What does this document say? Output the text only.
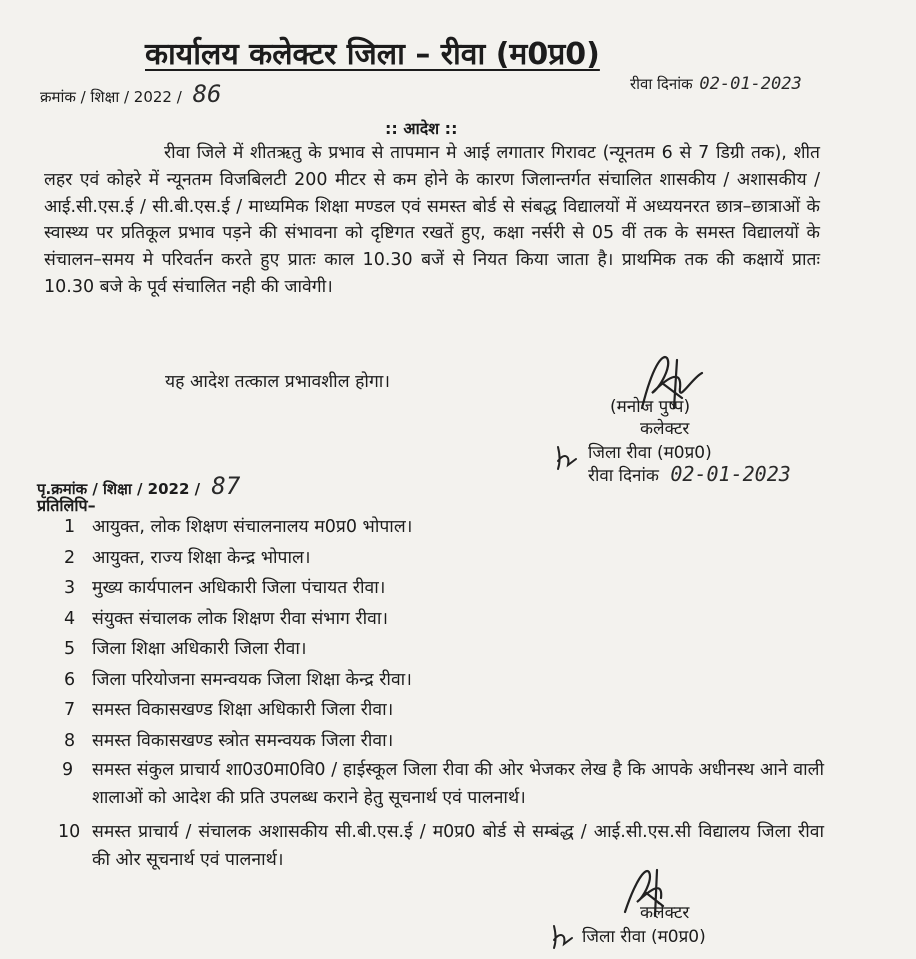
कार्यालय कलेक्टर जिला – रीवा (म0प्र0)
क्रमांक / शिक्षा / 2022 / 86	रीवा दिनांक 02-01-2023
:: आदेश ::

रीवा जिले में शीतऋतु के प्रभाव से तापमान मे आई लगातार गिरावट (न्यूनतम 6 से 7 डिग्री तक), शीत लहर एवं कोहरे में न्यूनतम विजबिलटी 200 मीटर से कम होने के कारण जिलान्तर्गत संचालित शासकीय / अशासकीय / आई.सी.एस.ई / सी.बी.एस.ई / माध्यमिक शिक्षा मण्डल एवं समस्त बोर्ड से संबद्ध विद्यालयों में अध्ययनरत छात्र–छात्राओं के स्वास्थ्य पर प्रतिकूल प्रभाव पड़ने की संभावना को दृष्टिगत रखतें हुए, कक्षा नर्सरी से 05 वीं तक के समस्त विद्यालयों के संचालन–समय मे परिवर्तन करते हुए प्रातः काल 10.30 बजें से नियत किया जाता है। प्राथमिक तक की कक्षायें प्रातः 10.30 बजे के पूर्व संचालित नही की जावेगी।

यह आदेश तत्काल प्रभावशील होगा।
(मनोज पुष्प)
कलेक्टर
जिला रीवा (म0प्र0)
रीवा दिनांक 02-01-2023
पृ.क्रमांक / शिक्षा / 2022 / 87
प्रतिलिपि–
1 आयुक्त, लोक शिक्षण संचालनालय म0प्र0 भोपाल।
2 आयुक्त, राज्य शिक्षा केन्द्र भोपाल।
3 मुख्य कार्यपालन अधिकारी जिला पंचायत रीवा।
4 संयुक्त संचालक लोक शिक्षण रीवा संभाग रीवा।
5 जिला शिक्षा अधिकारी जिला रीवा।
6 जिला परियोजना समन्वयक जिला शिक्षा केन्द्र रीवा।
7 समस्त विकासखण्ड शिक्षा अधिकारी जिला रीवा।
8 समस्त विकासखण्ड स्त्रोत समन्वयक जिला रीवा।
9 समस्त संकुल प्राचार्य शा0उ0मा0वि0 / हाईस्कूल जिला रीवा की ओर भेजकर लेख है कि आपके अधीनस्थ आने वाली शालाओं को आदेश की प्रति उपलब्ध कराने हेतु सूचनार्थ एवं पालनार्थ।
10 समस्त प्राचार्य / संचालक अशासकीय सी.बी.एस.ई / म0प्र0 बोर्ड से सम्बंद्ध / आई.सी.एस.सी विद्यालय जिला रीवा की ओर सूचनार्थ एवं पालनार्थ।
कलेक्टर
जिला रीवा (म0प्र0)
